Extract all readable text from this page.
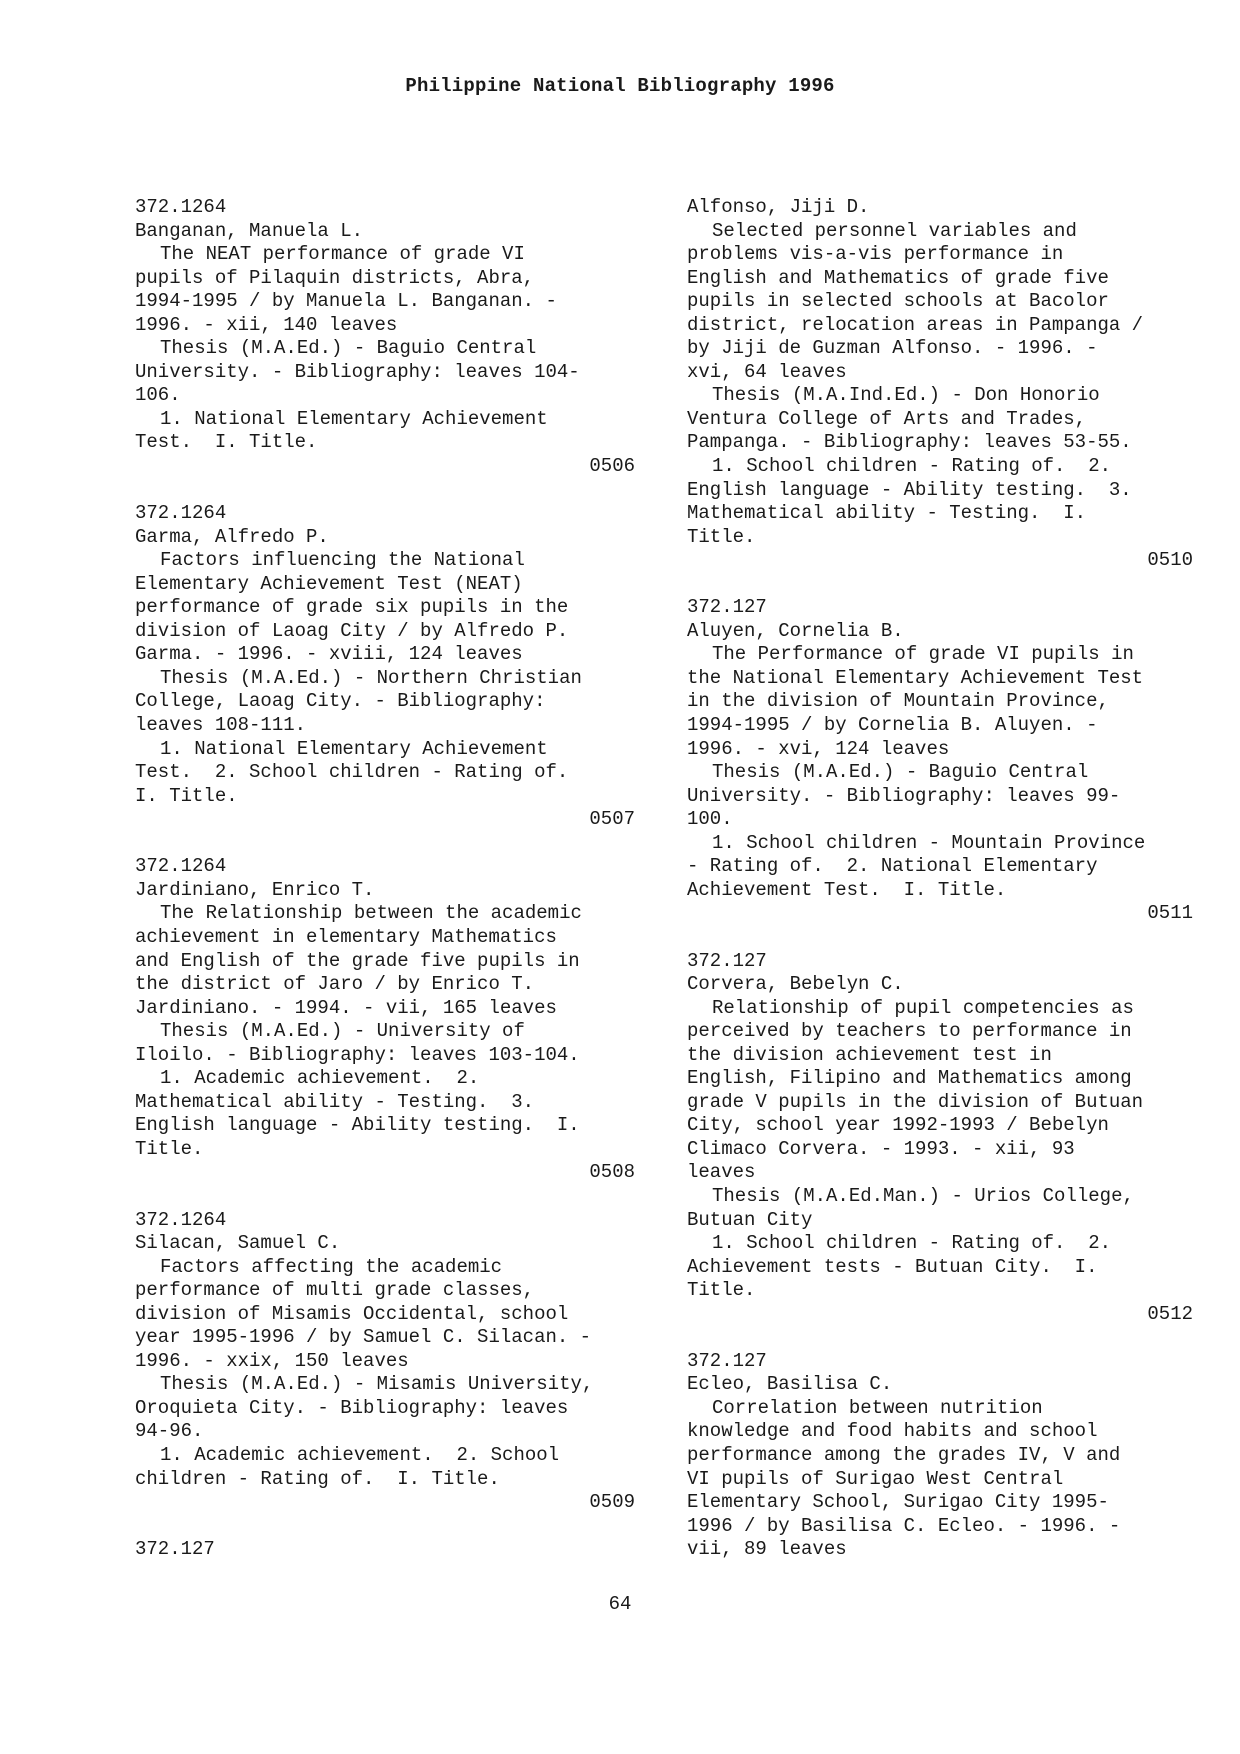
Philippine National Bibliography 1996
372.1264
Banganan, Manuela L.
The NEAT performance of grade VI
pupils of Pilaquin districts, Abra,
1994-1995 / by Manuela L. Banganan. -
1996. - xii, 140 leaves
Thesis (M.A.Ed.) - Baguio Central
University. - Bibliography: leaves 104-
106.
1. National Elementary Achievement
Test.  I. Title.
0506
372.1264
Garma, Alfredo P.
Factors influencing the National
Elementary Achievement Test (NEAT)
performance of grade six pupils in the
division of Laoag City / by Alfredo P.
Garma. - 1996. - xviii, 124 leaves
Thesis (M.A.Ed.) - Northern Christian
College, Laoag City. - Bibliography:
leaves 108-111.
1. National Elementary Achievement
Test.  2. School children - Rating of.
I. Title.
0507
372.1264
Jardiniano, Enrico T.
The Relationship between the academic
achievement in elementary Mathematics
and English of the grade five pupils in
the district of Jaro / by Enrico T.
Jardiniano. - 1994. - vii, 165 leaves
Thesis (M.A.Ed.) - University of
Iloilo. - Bibliography: leaves 103-104.
1. Academic achievement.  2.
Mathematical ability - Testing.  3.
English language - Ability testing.  I.
Title.
0508
372.1264
Silacan, Samuel C.
Factors affecting the academic
performance of multi grade classes,
division of Misamis Occidental, school
year 1995-1996 / by Samuel C. Silacan. -
1996. - xxix, 150 leaves
Thesis (M.A.Ed.) - Misamis University,
Oroquieta City. - Bibliography: leaves
94-96.
1. Academic achievement.  2. School
children - Rating of.  I. Title.
0509
372.127
Alfonso, Jiji D.
Selected personnel variables and
problems vis-a-vis performance in
English and Mathematics of grade five
pupils in selected schools at Bacolor
district, relocation areas in Pampanga /
by Jiji de Guzman Alfonso. - 1996. -
xvi, 64 leaves
Thesis (M.A.Ind.Ed.) - Don Honorio
Ventura College of Arts and Trades,
Pampanga. - Bibliography: leaves 53-55.
1. School children - Rating of.  2.
English language - Ability testing.  3.
Mathematical ability - Testing.  I.
Title.
0510
372.127
Aluyen, Cornelia B.
The Performance of grade VI pupils in
the National Elementary Achievement Test
in the division of Mountain Province,
1994-1995 / by Cornelia B. Aluyen. -
1996. - xvi, 124 leaves
Thesis (M.A.Ed.) - Baguio Central
University. - Bibliography: leaves 99-
100.
1. School children - Mountain Province
- Rating of.  2. National Elementary
Achievement Test.  I. Title.
0511
372.127
Corvera, Bebelyn C.
Relationship of pupil competencies as
perceived by teachers to performance in
the division achievement test in
English, Filipino and Mathematics among
grade V pupils in the division of Butuan
City, school year 1992-1993 / Bebelyn
Climaco Corvera. - 1993. - xii, 93
leaves
Thesis (M.A.Ed.Man.) - Urios College,
Butuan City
1. School children - Rating of.  2.
Achievement tests - Butuan City.  I.
Title.
0512
372.127
Ecleo, Basilisa C.
Correlation between nutrition
knowledge and food habits and school
performance among the grades IV, V and
VI pupils of Surigao West Central
Elementary School, Surigao City 1995-
1996 / by Basilisa C. Ecleo. - 1996. -
vii, 89 leaves
64
